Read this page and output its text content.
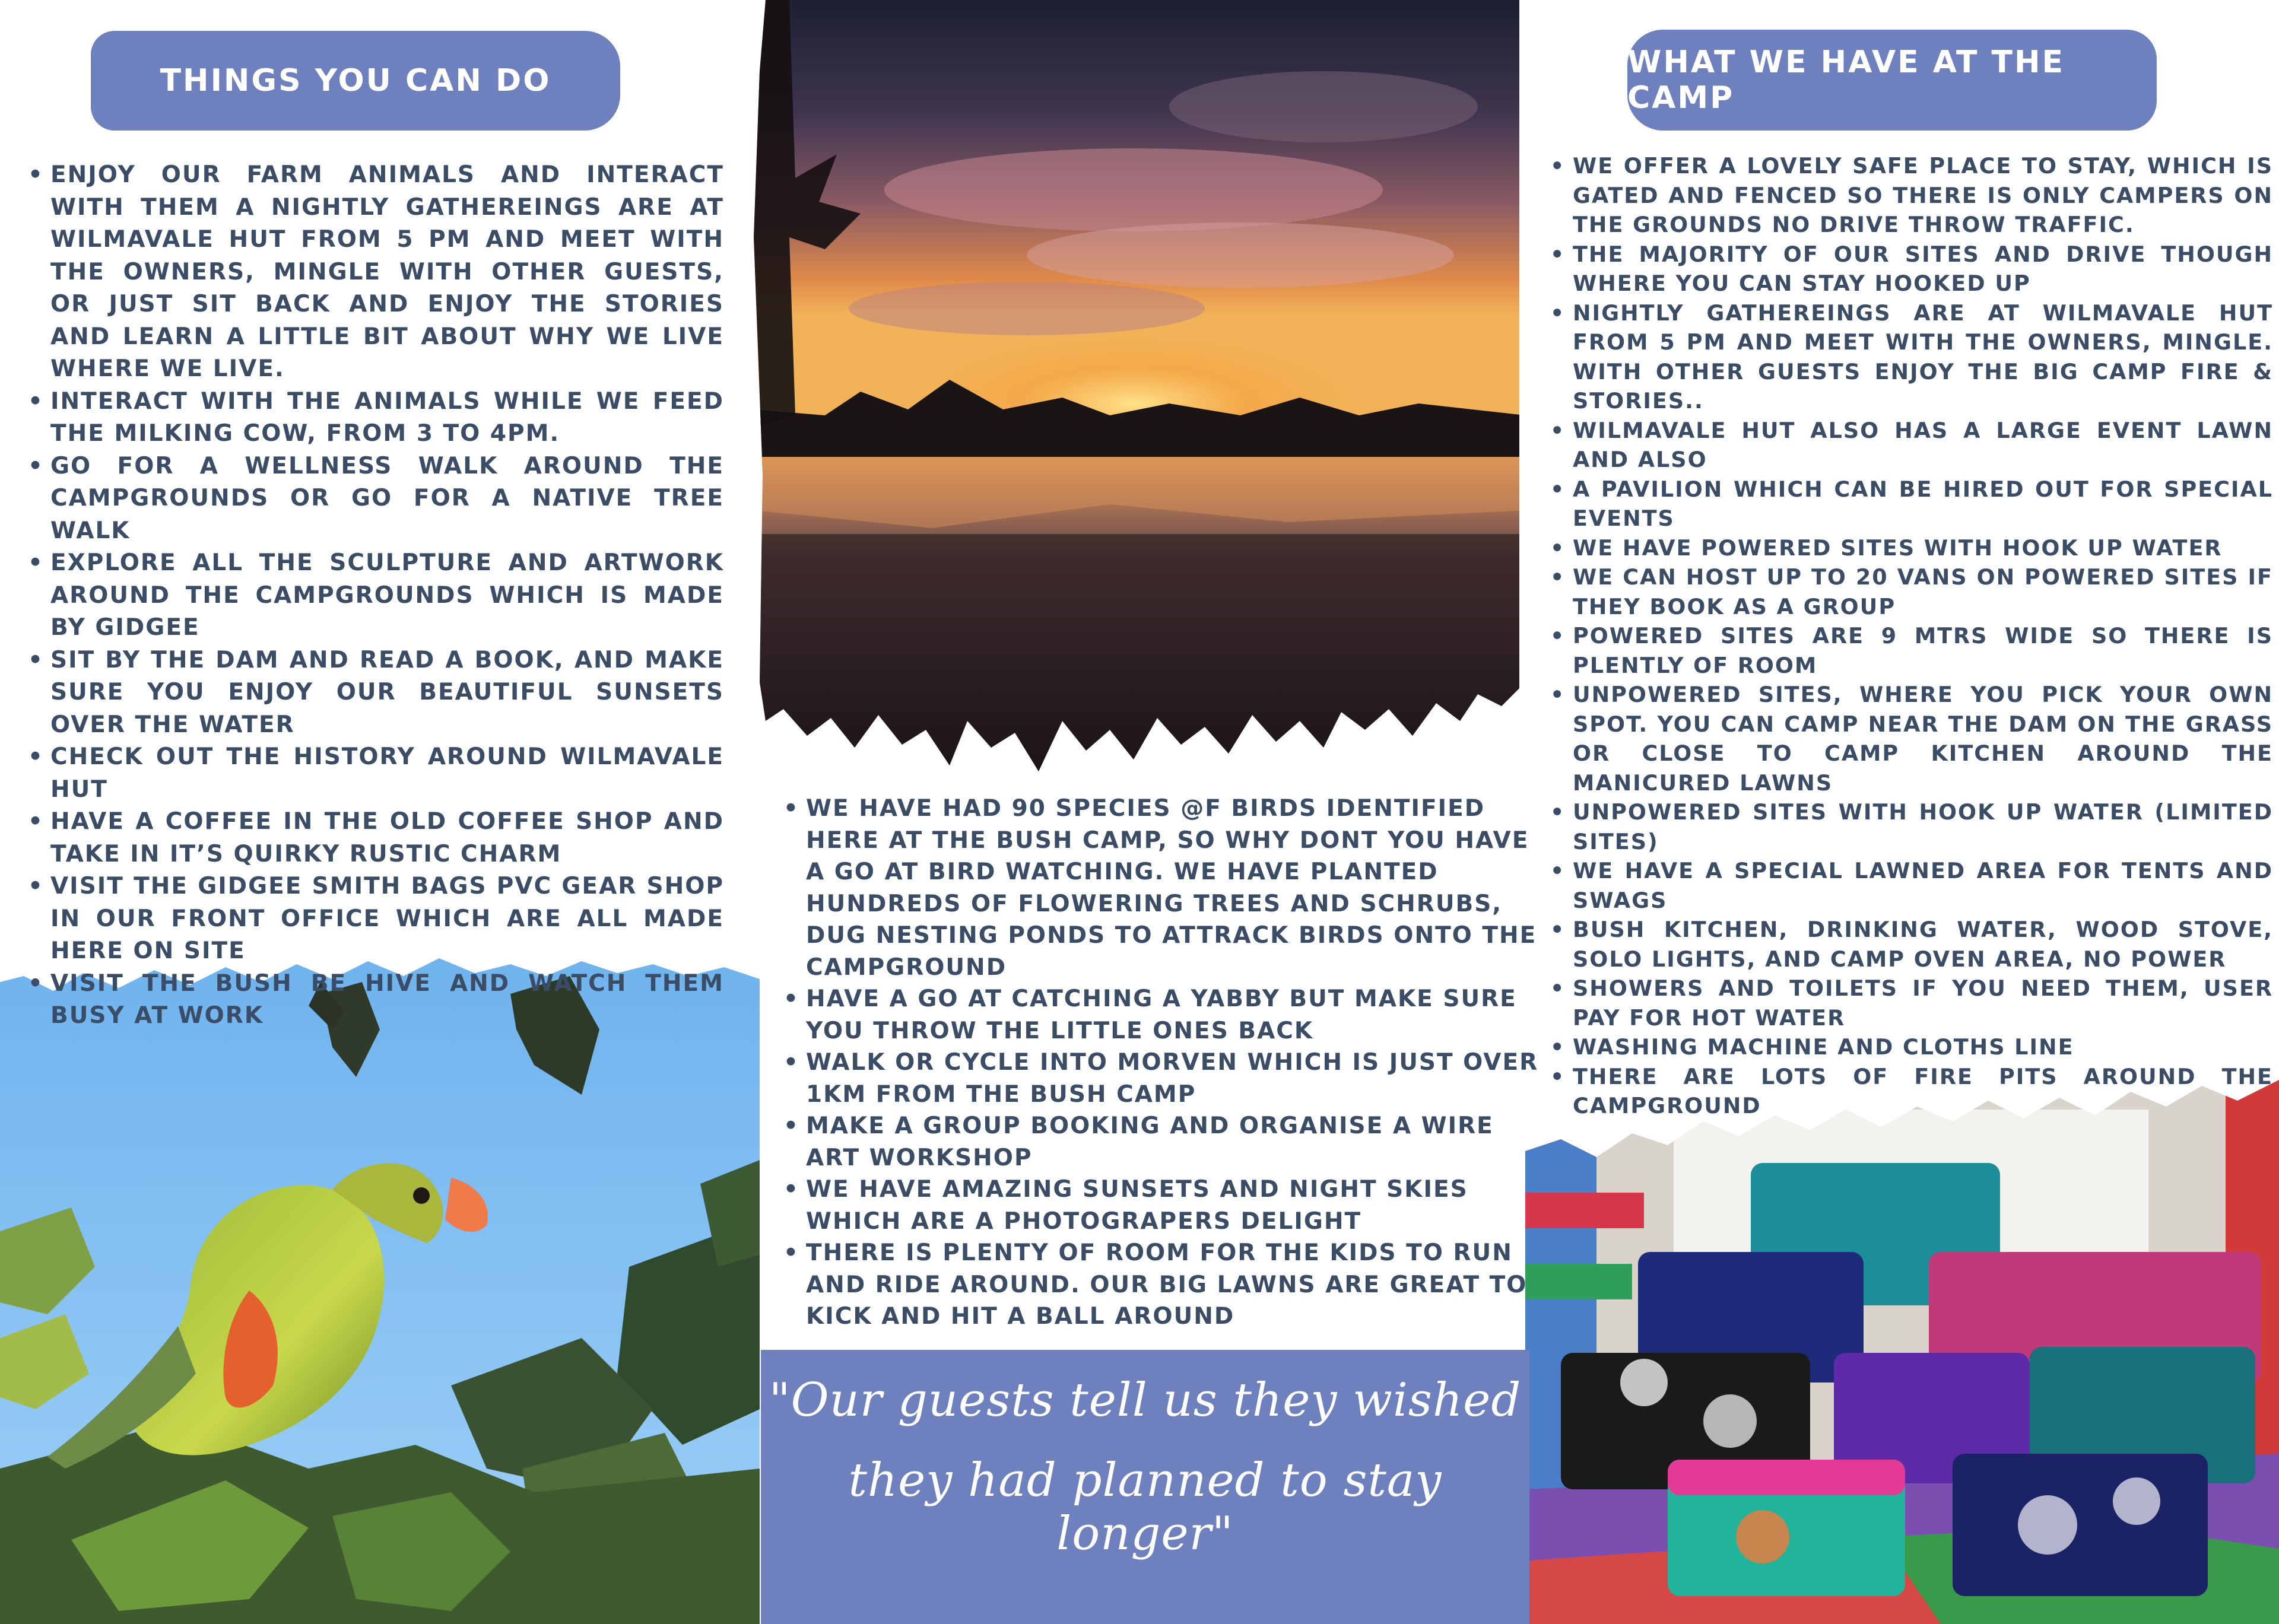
THINGS YOU CAN DO
• ENJOY OUR FARM ANIMALS AND INTERACT WITH THEM A NIGHTLY GATHEREINGS ARE AT WILMAVALE HUT FROM 5 PM AND MEET WITH THE OWNERS, MINGLE WITH OTHER GUESTS, OR JUST SIT BACK AND ENJOY THE STORIES AND LEARN A LITTLE BIT ABOUT WHY WE LIVE WHERE WE LIVE.
• INTERACT WITH THE ANIMALS WHILE WE FEED THE MILKING COW, FROM 3 TO 4PM.
• GO FOR A WELLNESS WALK AROUND THE CAMPGROUNDS OR GO FOR A NATIVE TREE WALK
• EXPLORE ALL THE SCULPTURE AND ARTWORK AROUND THE CAMPGROUNDS WHICH IS MADE BY GIDGEE
• SIT BY THE DAM AND READ A BOOK, AND MAKE SURE YOU ENJOY OUR BEAUTIFUL SUNSETS OVER THE WATER
• CHECK OUT THE HISTORY AROUND WILMAVALE HUT
• HAVE A COFFEE IN THE OLD COFFEE SHOP AND TAKE IN IT’S QUIRKY RUSTIC CHARM
• VISIT THE GIDGEE SMITH BAGS PVC GEAR SHOP IN OUR FRONT OFFICE WHICH ARE ALL MADE HERE ON SITE
• VISIT THE BUSH BE HIVE AND WATCH THEM BUSY AT WORK
• WE HAVE HAD 90 SPECIES @F BIRDS IDENTIFIED HERE AT THE BUSH CAMP, SO WHY DONT YOU HAVE A GO AT BIRD WATCHING. WE HAVE PLANTED HUNDREDS OF FLOWERING TREES AND SCHRUBS, DUG NESTING PONDS TO ATTRACK BIRDS ONTO THE CAMPGROUND
• HAVE A GO AT CATCHING A YABBY BUT MAKE SURE YOU THROW THE LITTLE ONES BACK
• WALK OR CYCLE INTO MORVEN WHICH IS JUST OVER 1KM FROM THE BUSH CAMP
• MAKE A GROUP BOOKING AND ORGANISE A WIRE ART WORKSHOP
• WE HAVE AMAZING SUNSETS AND NIGHT SKIES WHICH ARE A PHOTOGRAPERS DELIGHT
• THERE IS PLENTY OF ROOM FOR THE KIDS TO RUN AND RIDE AROUND. OUR BIG LAWNS ARE GREAT TO KICK AND HIT A BALL AROUND
"Our guests tell us they wished
they had planned to stay longer"
WHAT WE HAVE AT THE CAMP
• WE OFFER A LOVELY SAFE PLACE TO STAY, WHICH IS GATED AND FENCED SO THERE IS ONLY CAMPERS ON THE GROUNDS NO DRIVE THROW TRAFFIC.
• THE MAJORITY OF OUR SITES AND DRIVE THOUGH WHERE YOU CAN STAY HOOKED UP
• NIGHTLY GATHEREINGS ARE AT WILMAVALE HUT FROM 5 PM AND MEET WITH THE OWNERS, MINGLE. WITH OTHER GUESTS ENJOY THE BIG CAMP FIRE & STORIES..
• WILMAVALE HUT ALSO HAS A LARGE EVENT LAWN AND ALSO
• A PAVILION WHICH CAN BE HIRED OUT FOR SPECIAL EVENTS
• WE HAVE POWERED SITES WITH HOOK UP WATER
• WE CAN HOST UP TO 20 VANS ON POWERED SITES IF THEY BOOK AS A GROUP
• POWERED SITES ARE 9 MTRS WIDE SO THERE IS PLENTLY OF ROOM
• UNPOWERED SITES, WHERE YOU PICK YOUR OWN SPOT. YOU CAN CAMP NEAR THE DAM ON THE GRASS OR CLOSE TO CAMP KITCHEN AROUND THE MANICURED LAWNS
• UNPOWERED SITES WITH HOOK UP WATER (LIMITED SITES)
• WE HAVE A SPECIAL LAWNED AREA FOR TENTS AND SWAGS
• BUSH KITCHEN, DRINKING WATER, WOOD STOVE, SOLO LIGHTS, AND CAMP OVEN AREA, NO POWER
• SHOWERS AND TOILETS IF YOU NEED THEM, USER PAY FOR HOT WATER
• WASHING MACHINE AND CLOTHS LINE
• THERE ARE LOTS OF FIRE PITS AROUND THE CAMPGROUND
